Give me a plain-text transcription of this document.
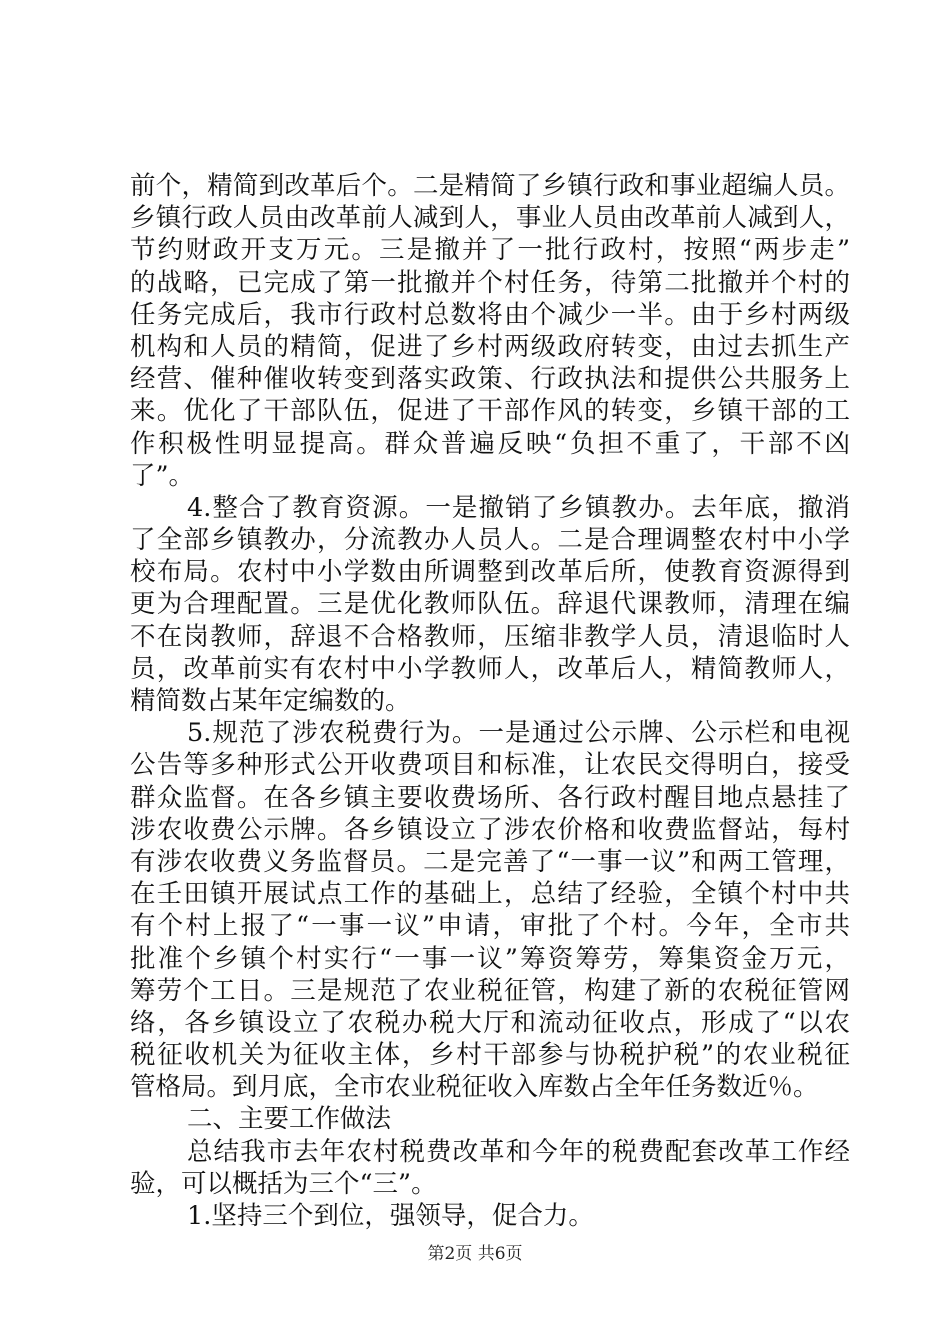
前个，精简到改革后个。二是精简了乡镇行政和事业超编人员。
乡镇行政人员由改革前人减到人，事业人员由改革前人减到人，
节约财政开支万元。三是撤并了一批行政村，按照“两步走”
的战略，已完成了第一批撤并个村任务，待第二批撤并个村的
任务完成后，我市行政村总数将由个减少一半。由于乡村两级
机构和人员的精简，促进了乡村两级政府转变，由过去抓生产
经营、催种催收转变到落实政策、行政执法和提供公共服务上
来。优化了干部队伍，促进了干部作风的转变，乡镇干部的工
作积极性明显提高。群众普遍反映“负担不重了，干部不凶
了”。
4.整合了教育资源。一是撤销了乡镇教办。去年底，撤消
了全部乡镇教办，分流教办人员人。二是合理调整农村中小学
校布局。农村中小学数由所调整到改革后所，使教育资源得到
更为合理配置。三是优化教师队伍。辞退代课教师，清理在编
不在岗教师，辞退不合格教师，压缩非教学人员，清退临时人
员，改革前实有农村中小学教师人，改革后人，精简教师人，
精简数占某年定编数的。
5.规范了涉农税费行为。一是通过公示牌、公示栏和电视
公告等多种形式公开收费项目和标准，让农民交得明白，接受
群众监督。在各乡镇主要收费场所、各行政村醒目地点悬挂了
涉农收费公示牌。各乡镇设立了涉农价格和收费监督站，每村
有涉农收费义务监督员。二是完善了“一事一议”和两工管理，
在壬田镇开展试点工作的基础上，总结了经验，全镇个村中共
有个村上报了“一事一议”申请，审批了个村。今年，全市共
批准个乡镇个村实行“一事一议”筹资筹劳，筹集资金万元，
筹劳个工日。三是规范了农业税征管，构建了新的农税征管网
络，各乡镇设立了农税办税大厅和流动征收点，形成了“以农
税征收机关为征收主体，乡村干部参与协税护税”的农业税征
管格局。到月底，全市农业税征收入库数占全年任务数近％。
二、主要工作做法
总结我市去年农村税费改革和今年的税费配套改革工作经
验，可以概括为三个“三”。
1.坚持三个到位，强领导，促合力。
第2页 共6页
